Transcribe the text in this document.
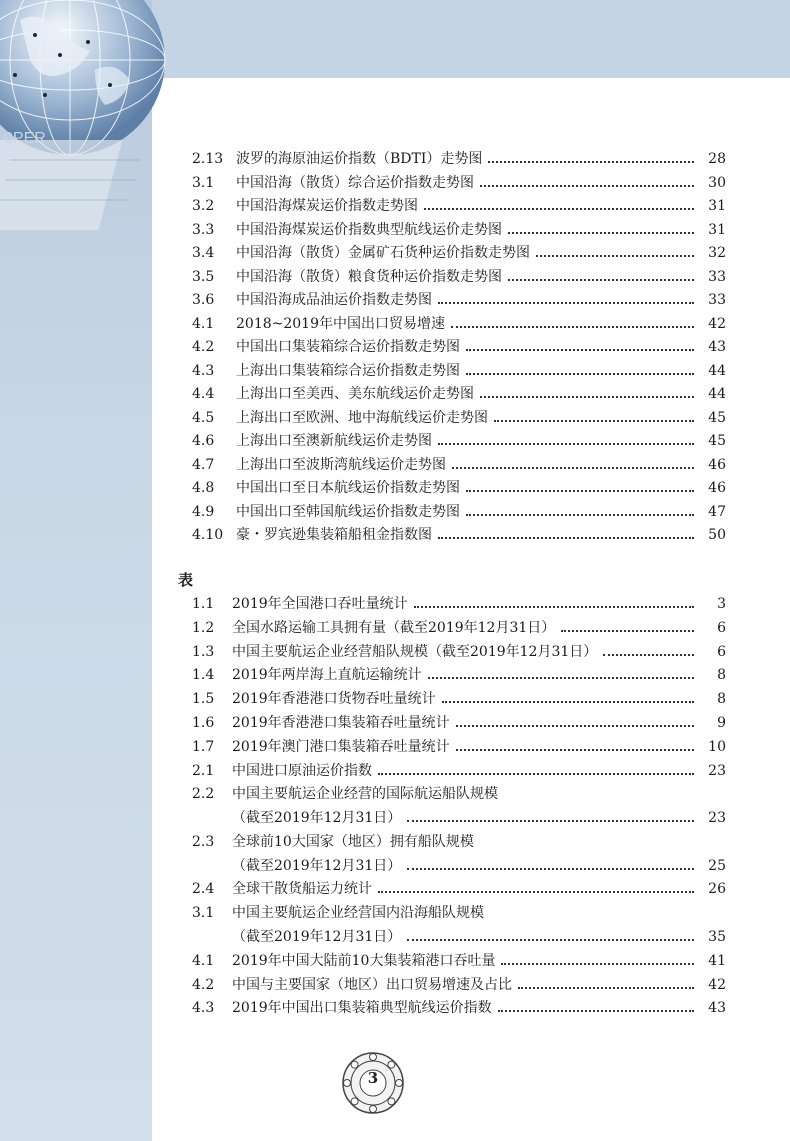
0PER
2.13 波罗的海原油运价指数（BDTI）走势图	28
3.1	中国沿海（散货）综合运价指数走势图	30
3.2	中国沿海煤炭运价指数走势图	31
3.3	中国沿海煤炭运价指数典型航线运价走势图	31
3.4	中国沿海（散货）金属矿石货种运价指数走势图	32
3.5	中国沿海（散货）粮食货种运价指数走势图	33
3.6	中国沿海成品油运价指数走势图	33
4.1	2018~2019年中国出口贸易增速	42
4.2	中国出口集装箱综合运价指数走势图	43
4.3	上海出口集装箱综合运价指数走势图	44
4.4	上海出口至美西、美东航线运价走势图	44
4.5	上海出口至欧洲、地中海航线运价走势图	45
4.6	上海出口至澳新航线运价走势图	45
4.7	上海出口至波斯湾航线运价走势图	46
4.8	中国出口至日本航线运价指数走势图	46
4.9	中国出口至韩国航线运价指数走势图	47
4.10 豪・罗宾逊集装箱船租金指数图	50
1.1	2019年全国港口吞吐量统计	3
1.2	全国水路运输工具拥有量（截至2019年12月31日）	6
1.3	中国主要航运企业经营船队规模（截至2019年12月31日）	6
1.4	2019年两岸海上直航运输统计	8
1.5	2019年香港港口货物吞吐量统计	8
1.6	2019年香港港口集装箱吞吐量统计	9
1.7	2019年澳门港口集装箱吞吐量统计	10
2.1	中国进口原油运价指数	23
2.2	中国主要航运企业经营的国际航运船队规模
（截至2019年12月31日）	23
2.3	全球前10大国家（地区）拥有船队规模
（截至2019年12月31日）	25
2.4	全球干散货船运力统计	26
3.1	中国主要航运企业经营国内沿海船队规模
（截至2019年12月31日）	35
4.1	2019年中国大陆前10大集装箱港口吞吐量	41
4.2	中国与主要国家（地区）出口贸易增速及占比	42
4.3	2019年中国出口集装箱典型航线运价指数	43
表
3
